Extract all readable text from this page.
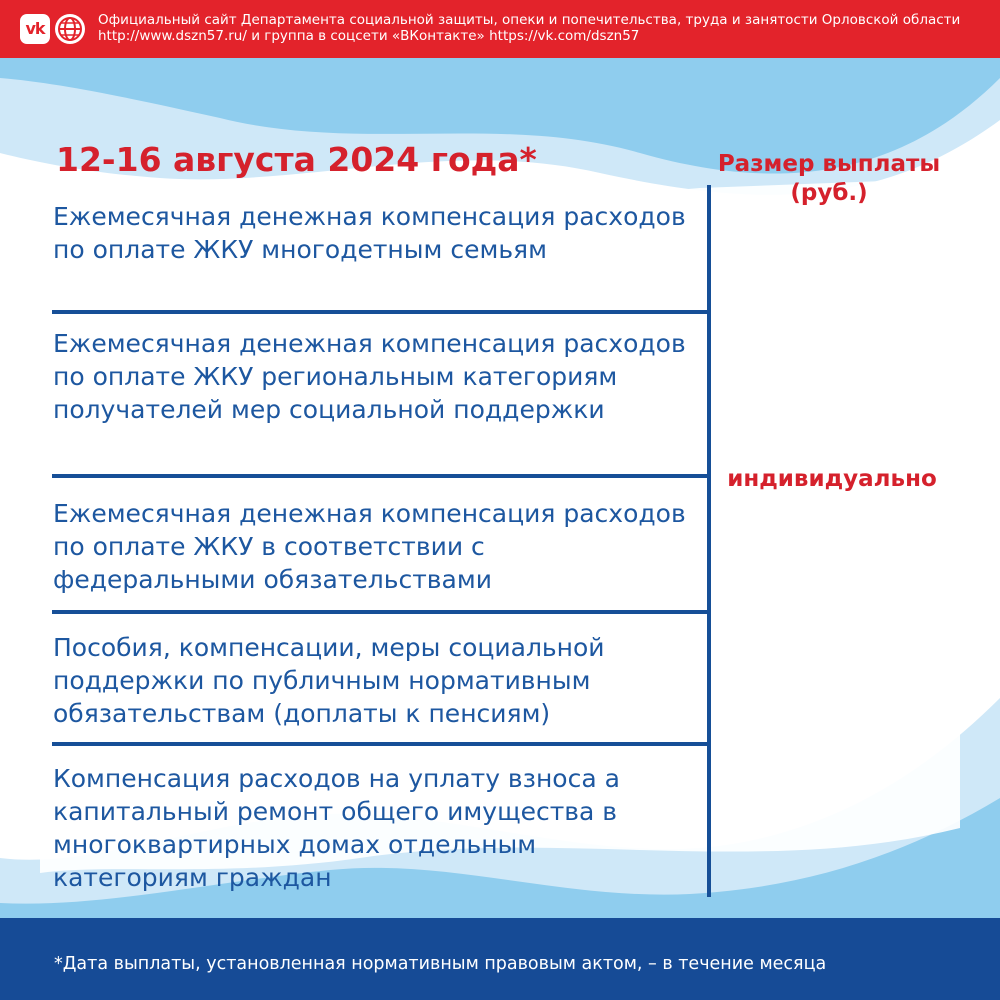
vk	Официальный сайт Департамента социальной защиты, опеки и попечительства, труда и занятости Орловской области
http://www.dszn57.ru/ и группа в соцсети «ВКонтакте» https://vk.com/dszn57
12-16 августа 2024 года*	Размер выплаты
(руб.)
Ежемесячная денежная компенсация расходов по оплате ЖКУ многодетным семьям
Ежемесячная денежная компенсация расходов по оплате ЖКУ региональным категориям получателей мер социальной поддержки
Ежемесячная денежная компенсация расходов по оплате ЖКУ в соответствии с федеральными обязательствами
Пособия, компенсации, меры социальной поддержки по публичным нормативным обязательствам (доплаты к пенсиям)
Компенсация расходов на уплату взноса а капитальный ремонт общего имущества в многоквартирных домах отдельным категориям граждан
индивидуально
*Дата выплаты, установленная нормативным правовым актом, – в течение месяца
